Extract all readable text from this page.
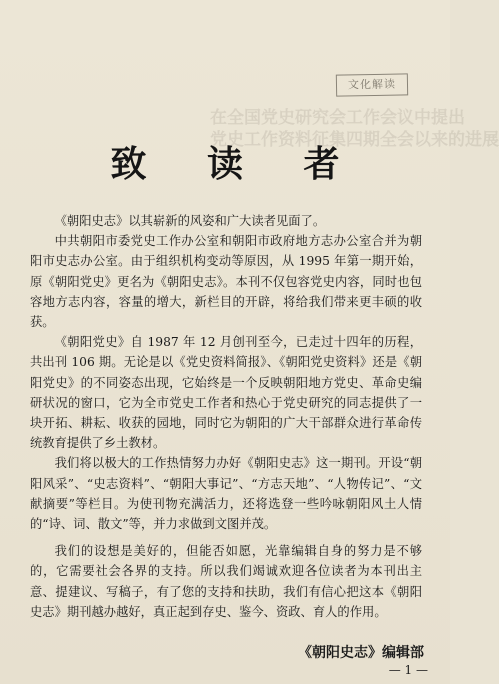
文化解读
在全国党史研究会工作会议中提出
党史工作资料征集四期全会以来的进展
致 读 者

《朝阳史志》以其崭新的风姿和广大读者见面了。

中共朝阳市委党史工作办公室和朝阳市政府地方志办公室合并为朝阳市史志办公室。由于组织机构变动等原因，从 1995 年第一期开始，原《朝阳党史》更名为《朝阳史志》。本刊不仅包容党史内容，同时也包容地方志内容，容量的增大，新栏目的开辟，将给我们带来更丰硕的收获。

《朝阳党史》自 1987 年 12 月创刊至今，已走过十四年的历程，共出刊 106 期。无论是以《党史资料简报》、《朝阳党史资料》还是《朝阳党史》的不同姿态出现，它始终是一个反映朝阳地方党史、革命史编研状况的窗口，它为全市党史工作者和热心于党史研究的同志提供了一块开拓、耕耘、收获的园地，同时它为朝阳的广大干部群众进行革命传统教育提供了乡土教材。

我们将以极大的工作热情努力办好《朝阳史志》这一期刊。开设“朝阳风采”、“史志资料”、“朝阳大事记”、“方志天地”、“人物传记”、“文献摘要”等栏目。为使刊物充满活力，还将选登一些吟咏朝阳风土人情的“诗、词、散文”等，并力求做到文图并茂。

我们的设想是美好的，但能否如愿，光靠编辑自身的努力是不够的，它需要社会各界的支持。所以我们竭诚欢迎各位读者为本刊出主意、提建议、写稿子，有了您的支持和扶助，我们有信心把这本《朝阳史志》期刊越办越好，真正起到存史、鉴今、资政、育人的作用。

《朝阳史志》编辑部
— 1 —
